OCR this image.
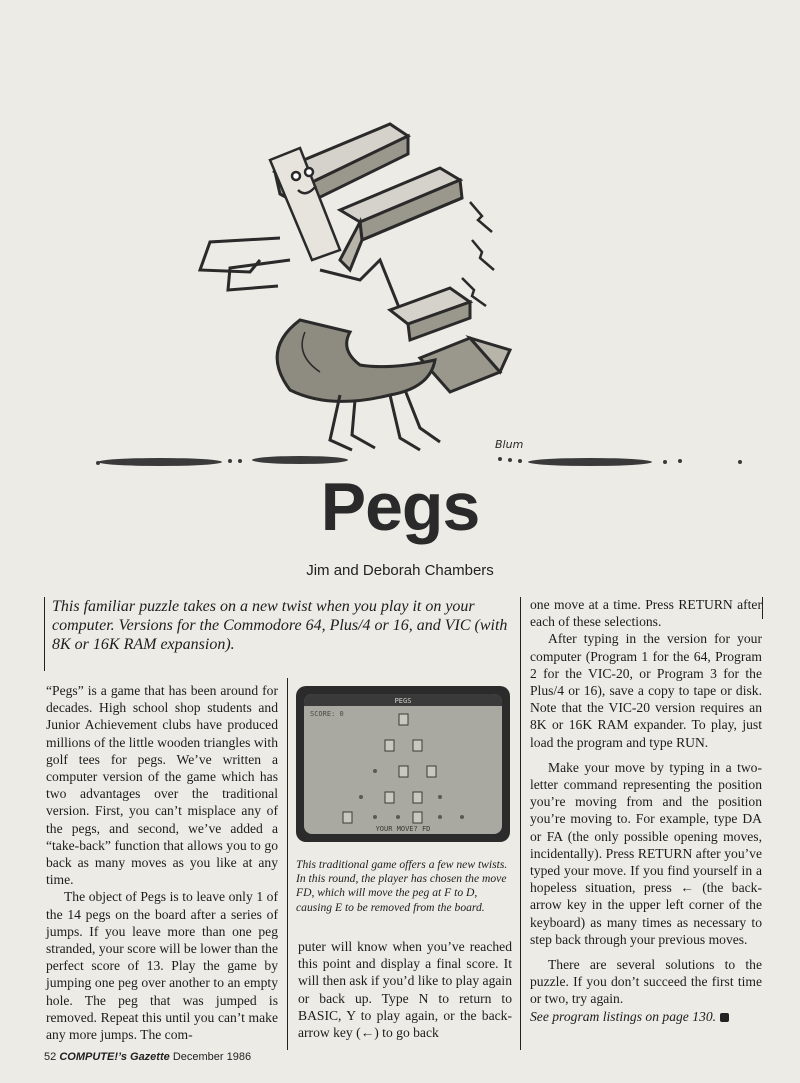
Blum
Pegs
Jim and Deborah Chambers
This familiar puzzle takes on a new twist when you play it on your computer. Versions for the Commodore 64, Plus/4 or 16, and VIC (with 8K or 16K RAM expansion).

“Pegs” is a game that has been around for decades. High school shop students and Junior Achievement clubs have produced millions of the little wooden triangles with golf tees for pegs. We’ve written a computer version of the game which has two advantages over the traditional version. First, you can’t misplace any of the pegs, and second, we’ve added a “take-back” function that allows you to go back as many moves as you like at any time.

The object of Pegs is to leave only 1 of the 14 pegs on the board after a series of jumps. If you leave more than one peg stranded, your score will be lower than the perfect score of 13. Play the game by jumping one peg over another to an empty hole. The peg that was jumped is removed. Repeat this until you can’t make any more jumps. The com-

PEGS
SCORE: 0
YOUR MOVE? FD
This traditional game offers a few new twists. In this round, the player has chosen the move FD, which will move the peg at F to D, causing E to be removed from the board.

puter will know when you’ve reached this point and display a final score. It will then ask if you’d like to play again or back up. Type N to return to BASIC, Y to play again, or the back-arrow key (←) to go back

one move at a time. Press RETURN after each of these selections.

After typing in the version for your computer (Program 1 for the 64, Program 2 for the VIC-20, or Program 3 for the Plus/4 or 16), save a copy to tape or disk. Note that the VIC-20 version requires an 8K or 16K RAM expander. To play, just load the program and type RUN.

Make your move by typing in a two-letter command representing the position you’re moving from and the position you’re moving to. For example, type DA or FA (the only possible opening moves, incidentally). Press RETURN after you’ve typed your move. If you find yourself in a hopeless situation, press ← (the back-arrow key in the upper left corner of the keyboard) as many times as necessary to step back through your previous moves.

There are several solutions to the puzzle. If you don’t succeed the first time or two, try again.

See program listings on page 130.

52 COMPUTE!’s Gazette December 1986
